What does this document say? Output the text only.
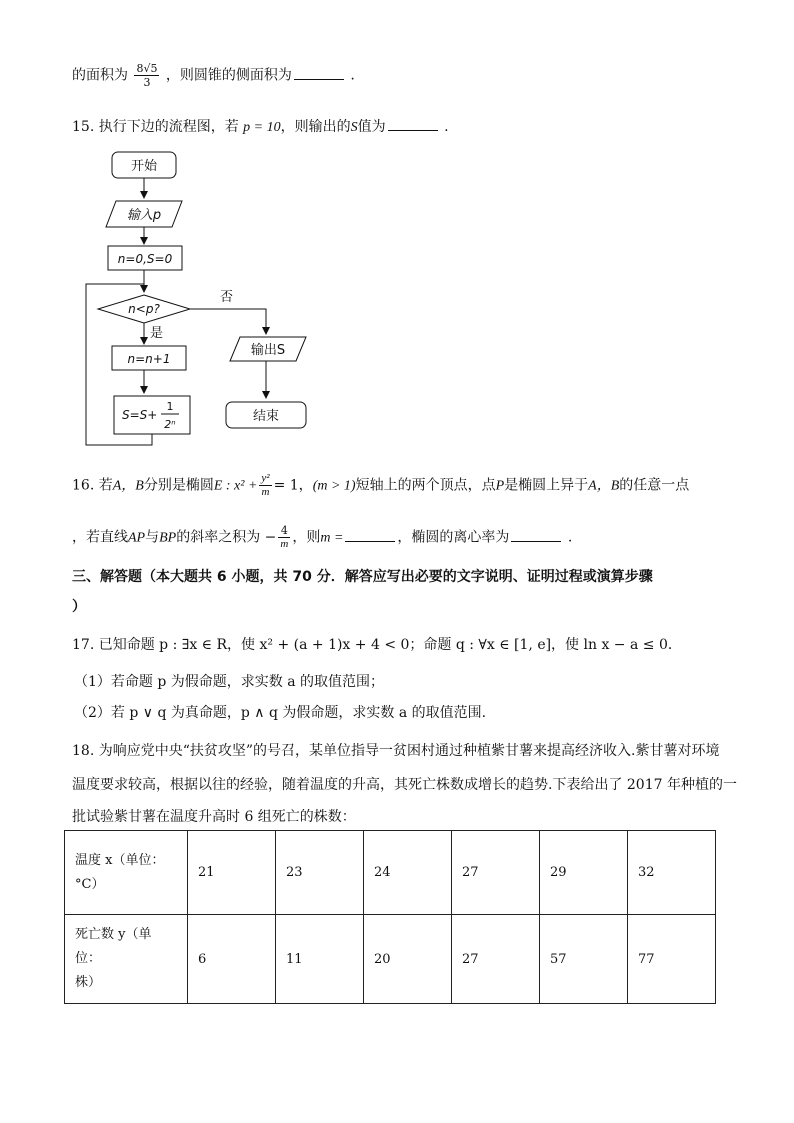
的面积为 $\frac{8√5}{3}$ ，则圆锥的侧面积为	.
15. 执行下边的流程图，若 p = 10，则输出的S值为	.
开始
输入p
n=0,S=0
n<p?
否
是
n=n+1
S=S+
1
2ⁿ
输出S
结束
16. 若A，B分别是椭圆E : $x^2 + \frac{\text{y²}}{m} = 1$，(m > 1)短轴上的两个顶点，点P是椭圆上异于A，B的任意一点
，若直线AP与BP的斜率之积为 − $\frac{4}{m}$ ，则m =	，椭圆的离心率为	.
三、解答题（本大题共 6 小题，共 70 分．解答应写出必要的文字说明、证明过程或演算步骤
）
17. 已知命题 p : ∃x ∈ R，使 x² + (a + 1)x + 4 < 0；命题 q : ∀x ∈ [1, e]，使 ln x − a ≤ 0．
（1）若命题 p 为假命题，求实数 a 的取值范围；
（2）若 p ∨ q 为真命题，p ∧ q 为假命题，求实数 a 的取值范围.
18. 为响应党中央“扶贫攻坚”的号召，某单位指导一贫困村通过种植紫甘薯来提高经济收入.紫甘薯对环境
温度要求较高，根据以往的经验，随着温度的升高，其死亡株数成增长的趋势.下表给出了 2017 年种植的一
批试验紫甘薯在温度升高时 6 组死亡的株数：
温度 x（单位：
°C）	21	23	24	27	29	32

死亡数 y（单位：
株）	6	11	20	27	57	77
